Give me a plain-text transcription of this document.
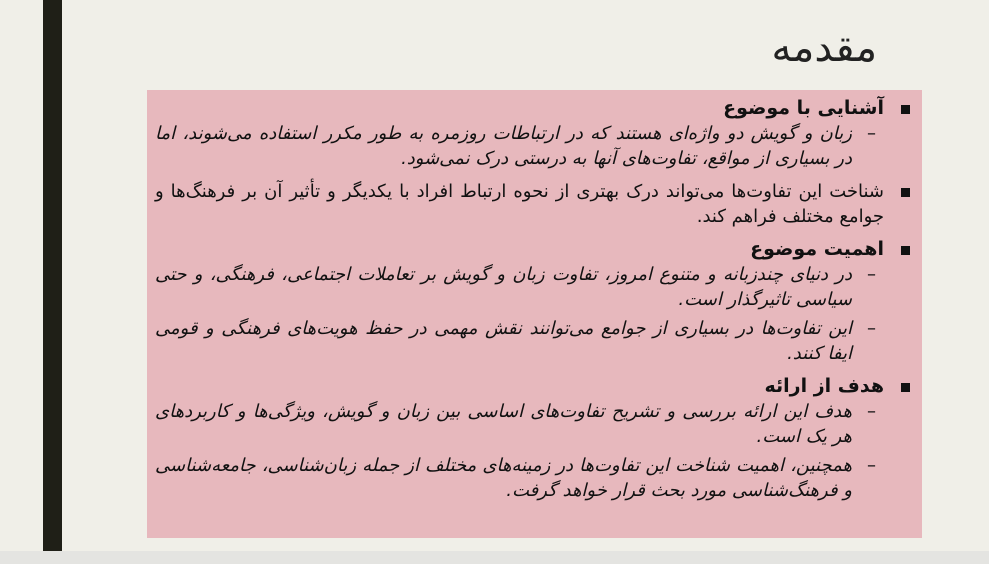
مقدمه
آشنایی با موضوع
–
زبان و گویش دو واژه‌ای هستند که در ارتباطات روزمره به طور مکرر استفاده می‌شوند، اما در بسیاری از مواقع، تفاوت‌های آنها به درستی درک نمی‌شود.
شناخت این تفاوت‌ها می‌تواند درک بهتری از نحوه ارتباط افراد با یکدیگر و تأثیر آن بر فرهنگ‌ها و جوامع مختلف فراهم کند.
اهمیت موضوع
–
در دنیای چندزبانه و متنوع امروز، تفاوت زبان و گویش بر تعاملات اجتماعی، فرهنگی، و حتی سیاسی تاثیرگذار است.
–
این تفاوت‌ها در بسیاری از جوامع می‌توانند نقش مهمی در حفظ هویت‌های فرهنگی و قومی ایفا کنند.
هدف از ارائه
–
هدف این ارائه بررسی و تشریح تفاوت‌های اساسی بین زبان و گویش، ویژگی‌ها و کاربردهای هر یک است.
–
همچنین، اهمیت شناخت این تفاوت‌ها در زمینه‌های مختلف از جمله زبان‌شناسی، جامعه‌شناسی و فرهنگ‌شناسی مورد بحث قرار خواهد گرفت.
